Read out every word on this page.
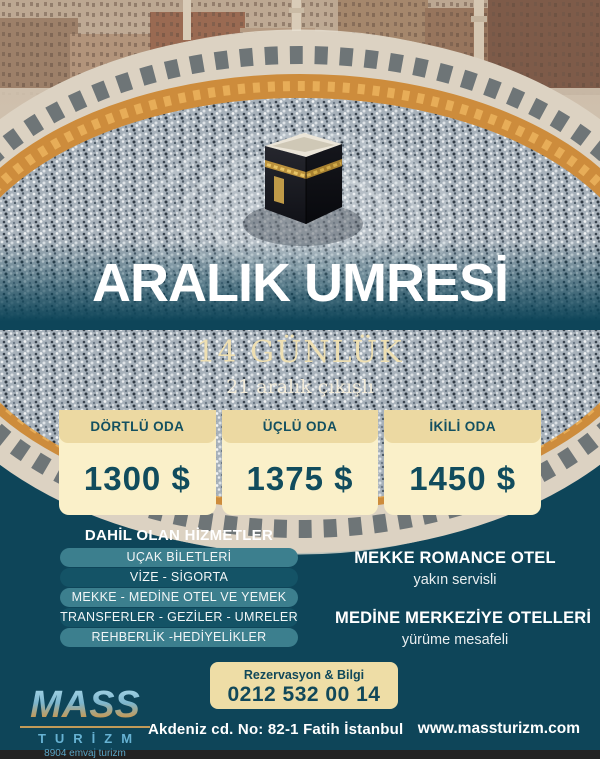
ARALIK UMRESİ
14 GÜNLÜK
21 aralık çıkışlı
DÖRTLÜ ODA
1300 $
ÜÇLÜ ODA
1375 $
İKİLİ ODA
1450 $
DAHİL OLAN HİZMETLER
UÇAK BİLETLERİ
VİZE - SİGORTA
MEKKE - MEDİNE OTEL VE YEMEK
TRANSFERLER - GEZİLER - UMRELER
REHBERLİK -HEDİYELİKLER
MEKKE ROMANCE OTEL
yakın servisli
MEDİNE MERKEZİYE OTELLERİ
yürüme mesafeli
Rezervasyon & Bilgi
0212 532 00 14
MASS
TURİZM
8904 emvaj turizm
Akdeniz cd. No: 82-1 Fatih İstanbul www.massturizm.com
